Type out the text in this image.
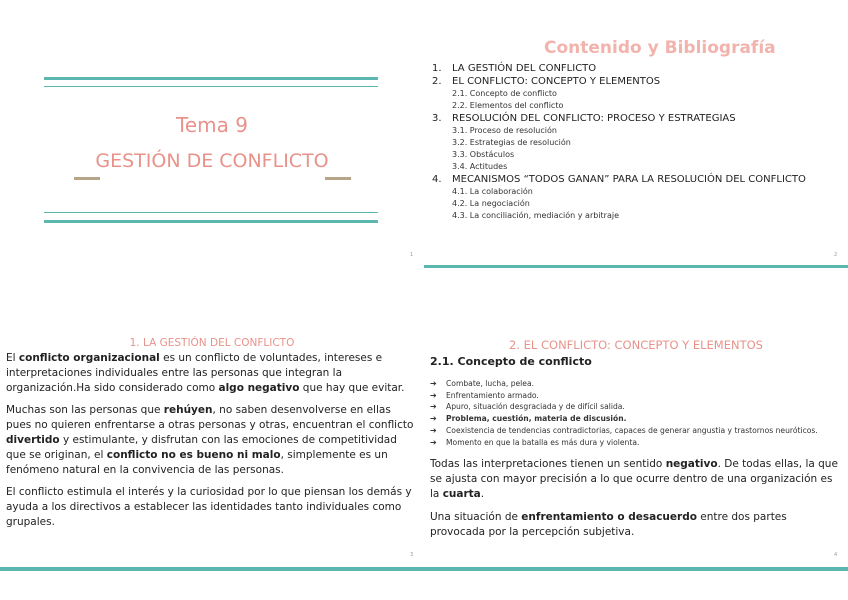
Tema 9
GESTIÓN DE CONFLICTO
1
Contenido y Bibliografía
1.	LA GESTIÓN DEL CONFLICTO
2.	EL CONFLICTO: CONCEPTO Y ELEMENTOS
2.1. Concepto de conflicto
2.2. Elementos del conflicto
3.	RESOLUCIÓN DEL CONFLICTO: PROCESO Y ESTRATEGIAS
3.1. Proceso de resolución
3.2. Estrategias de resolución
3.3. Obstáculos
3.4. Actitudes
4.	MECANISMOS “TODOS GANAN” PARA LA RESOLUCIÓN DEL CONFLICTO
4.1. La colaboración
4.2. La negociación
4.3. La conciliación, mediación y arbitraje
2
1. LA GESTIÓN DEL CONFLICTO

El conflicto organizacional es un conflicto de voluntades, intereses e interpretaciones individuales entre las personas que integran la organización.Ha sido considerado como algo negativo que hay que evitar.

Muchas son las personas que rehúyen, no saben desenvolverse en ellas pues no quieren enfrentarse a otras personas y otras, encuentran el conflicto divertido y estimulante, y disfrutan con las emociones de competitividad que se originan, el conflicto no es bueno ni malo, simplemente es un fenómeno natural en la convivencia de las personas.

El conflicto estimula el interés y la curiosidad por lo que piensan los demás y ayuda a los directivos a establecer las identidades tanto individuales como grupales.

3
2. EL CONFLICTO: CONCEPTO Y ELEMENTOS
2.1. Concepto de conflicto
➔	Combate, lucha, pelea.
➔	Enfrentamiento armado.
➔	Apuro, situación desgraciada y de difícil salida.
➔	Problema, cuestión, materia de discusión.
➔	Coexistencia de tendencias contradictorias, capaces de generar angustia y trastornos neuróticos.
➔	Momento en que la batalla es más dura y violenta.

Todas las interpretaciones tienen un sentido negativo. De todas ellas, la que se ajusta con mayor precisión a lo que ocurre dentro de una organización es la cuarta.

Una situación de enfrentamiento o desacuerdo entre dos partes provocada por la percepción subjetiva.

4
